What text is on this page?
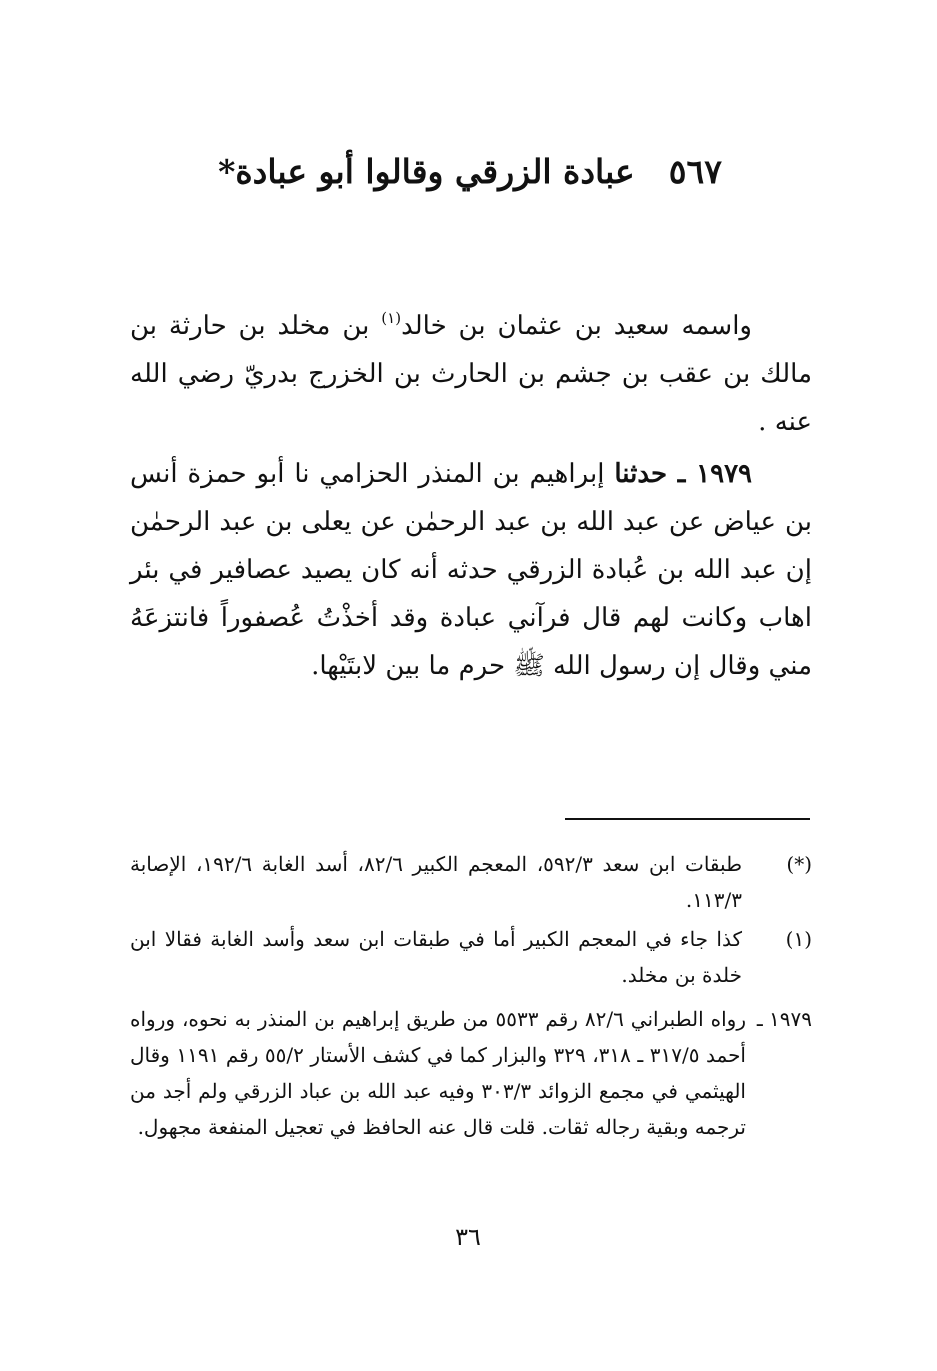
٥٦٧عبادة الزرقي وقالوا أبو عبادة*

واسمه سعيد بن عثمان بن خالد$^{(١)}$ بن مخلد بن حارثة بن مالك بن عقب بن جشم بن الحارث بن الخزرج بدريّ رضي الله عنه .

١٩٧٩ ـ حدثنا إبراهيم بن المنذر الحزامي نا أبو حمزة أنس بن عياض عن عبد الله بن عبد الرحمٰن عن يعلى بن عبد الرحمٰن إن عبد الله بن عُبادة الزرقي حدثه أنه كان يصيد عصافير في بئر اهاب وكانت لهم قال فرآني عبادة وقد أخذْتُ عُصفوراً فانتزعَهُ مني وقال إن رسول الله ﷺ حرم ما بين لابتَيْها.

(*)
طبقات ابن سعد ٥٩٢/٣، المعجم الكبير ٨٢/٦، أسد الغابة ١٩٢/٦، الإصابة ١١٣/٣.
(١)
كذا جاء في المعجم الكبير أما في طبقات ابن سعد وأسد الغابة فقالا ابن خلدة بن مخلد.
١٩٧٩ ـ
رواه الطبراني ٨٢/٦ رقم ٥٥٣٣ من طريق إبراهيم بن المنذر به نحوه، ورواه أحمد ٣١٧/٥ ـ ٣١٨، ٣٢٩ والبزار كما في كشف الأستار ٥٥/٢ رقم ١١٩١ وقال الهيثمي في مجمع الزوائد ٣٠٣/٣ وفيه عبد الله بن عباد الزرقي ولم أجد من ترجمه وبقية رجاله ثقات. قلت قال عنه الحافظ في تعجيل المنفعة مجهول.
٣٦
